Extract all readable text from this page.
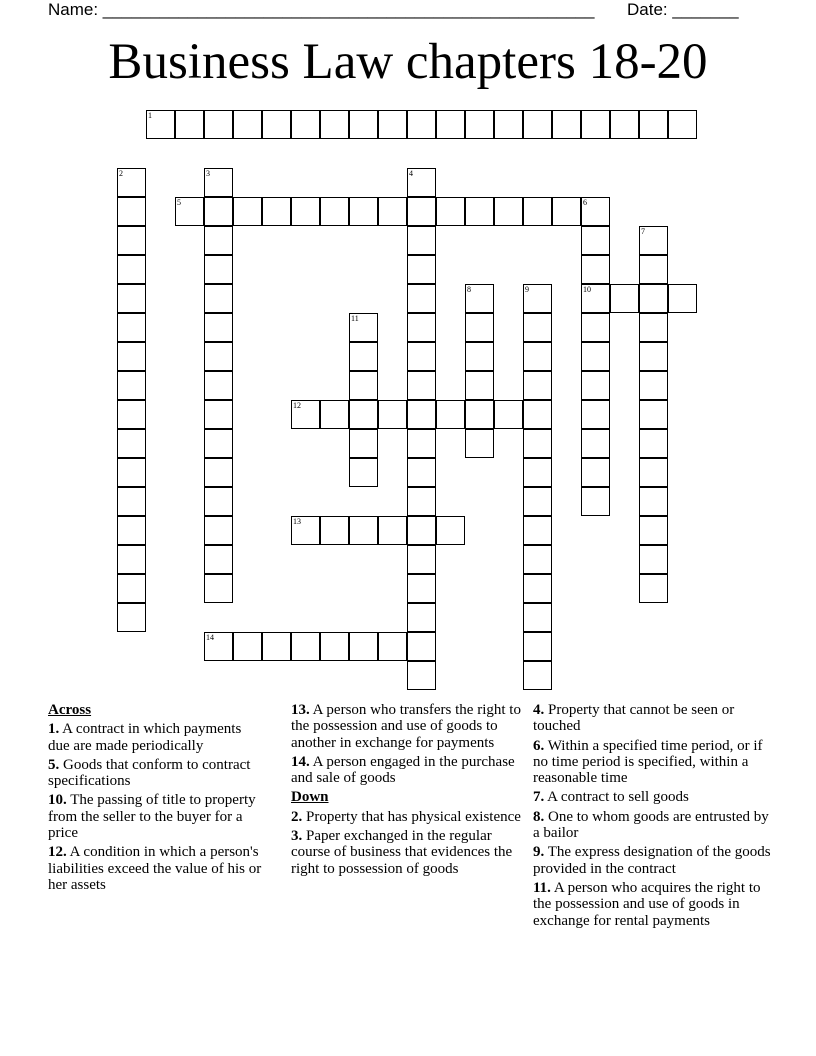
Name: ____________________________________________________ Date: _______
Business Law chapters 18-20
1
2	3	4
5	6
10
7
8	9
11
12
13
14
Across
1. A contract in which payments due are made periodically
5. Goods that conform to contract specifications
10. The passing of title to property from the seller to the buyer for a price
12. A condition in which a person's liabilities exceed the value of his or her assets
13. A person who transfers the right to the possession and use of goods to another in exchange for payments
14. A person engaged in the purchase and sale of goods
Down
2. Property that has physical existence
3. Paper exchanged in the regular course of business that evidences the right to possession of goods
4. Property that cannot be seen or touched
6. Within a specified time period, or if no time period is specified, within a reasonable time
7. A contract to sell goods
8. One to whom goods are entrusted by a bailor
9. The express designation of the goods provided in the contract
11. A person who acquires the right to the possession and use of goods in exchange for rental payments
